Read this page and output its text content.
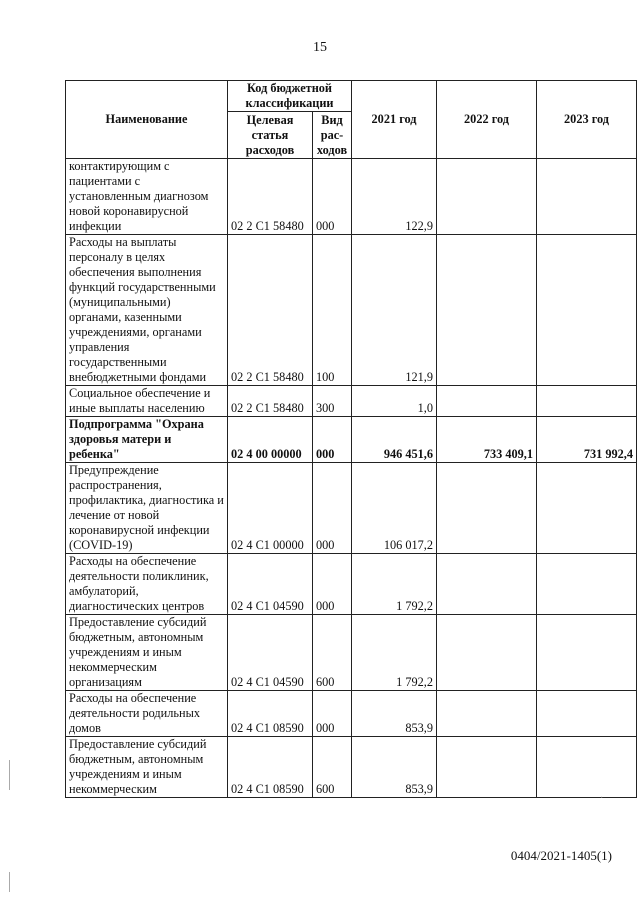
15
Наименование	Код бюджетной классификации		2021 год	2022 год	2023 год
	Целевая статья расходов	Вид рас- ходов			
контактирующим с пациентами с установленным диагнозом новой коронавирусной инфекции	02 2 С1 58480	000	122,9		
Расходы на выплаты персоналу в целях обеспечения выполнения функций государственными (муниципальными) органами, казенными учреждениями, органами управления государственными внебюджетными фондами	02 2 С1 58480	100	121,9		
Социальное обеспечение и иные выплаты населению	02 2 С1 58480	300	1,0		
Подпрограмма "Охрана здоровья матери и ребенка"	02 4 00 00000	000	946 451,6	733 409,1	731 992,4
Предупреждение распространения, профилактика, диагностика и лечение от новой коронавирусной инфекции (COVID-19)	02 4 С1 00000	000	106 017,2		
Расходы на обеспечение деятельности поликлиник, амбулаторий, диагностических центров	02 4 С1 04590	000	1 792,2		
Предоставление субсидий бюджетным, автономным учреждениям и иным некоммерческим организациям	02 4 С1 04590	600	1 792,2		
Расходы на обеспечение деятельности родильных домов	02 4 С1 08590	000	853,9		
Предоставление субсидий бюджетным, автономным учреждениям и иным некоммерческим	02 4 С1 08590	600	853,9		
·
0404/2021-1405(1)
